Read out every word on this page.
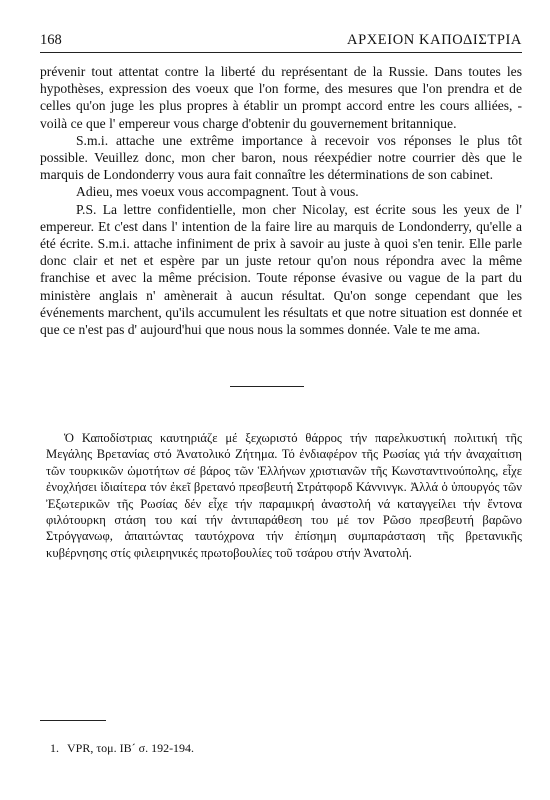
168	ΑΡΧΕΙΟΝ ΚΑΠΟΔΙΣΤΡΙΑ

prévenir tout attentat contre la liberté du représentant de la Russie. Dans toutes les hypothèses, expression des voeux que l'on forme, des mesures que l'on prendra et de celles qu'on juge les plus propres à établir un prompt accord entre les cours alliées, - voilà ce que l' empereur vous charge d'obtenir du gouvernement britannique.

S.m.i. attache une extrême importance à recevoir vos réponses le plus tôt possible. Veuillez donc, mon cher baron, nous réexpédier notre courrier dès que le marquis de Londonderry vous aura fait connaître les déterminations de son cabinet.

Adieu, mes voeux vous accompagnent. Tout à vous.

P.S. La lettre confidentielle, mon cher Nicolay, est écrite sous les yeux de l' empereur. Et c'est dans l' intention de la faire lire au marquis de Londonderry, qu'elle a été écrite. S.m.i. attache infiniment de prix à savoir au juste à quoi s'en tenir. Elle parle donc clair et net et espère par un juste retour qu'on nous répondra avec la même franchise et avec la même précision. Toute réponse évasive ou vague de la part du ministère anglais n' amènerait à aucun résultat. Qu'on songe cependant que les événements marchent, qu'ils accumulent les résultats et que notre situation est donnée et que ce n'est pas d' aujourd'hui que nous nous la sommes donnée. Vale te me ama.

Ὁ Καποδίστριας καυτηριάζε μέ ξεχωριστό θάρρος τήν παρελκυστική πολιτική τῆς Μεγάλης Βρετανίας στό Ἀνατολικό Ζήτημα. Τό ἐνδιαφέρον τῆς Ρωσίας γιά τήν ἀναχαίτιση τῶν τουρκικῶν ὠμοτήτων σέ βάρος τῶν Ἑλλήνων χριστιανῶν τῆς Κωνσταντινούπολης, εἶχε ἐνοχλήσει ἰδιαίτερα τόν ἐκεῖ βρετανό πρεσβευτή Στράτφορδ Κάννινγκ. Ἀλλά ὁ ὑπουργός τῶν Ἐξωτερικῶν τῆς Ρωσίας δέν εἶχε τήν παραμικρή ἀναστολή νά καταγγείλει τήν ἔντονα φιλότουρκη στάση του καί τήν ἀντιπαράθεση του μέ τον Ρῶσο πρεσβευτή βαρῶνο Στρόγγανωφ, ἀπαιτώντας ταυτόχρονα τήν ἐπίσημη συμπαράσταση τῆς βρετανικῆς κυβέρνησης στίς φιλειρηνικές πρωτοβουλίες τοῦ τσάρου στήν Ἀνατολή.
1. VPR, τομ. ΙΒ´ σ. 192-194.
